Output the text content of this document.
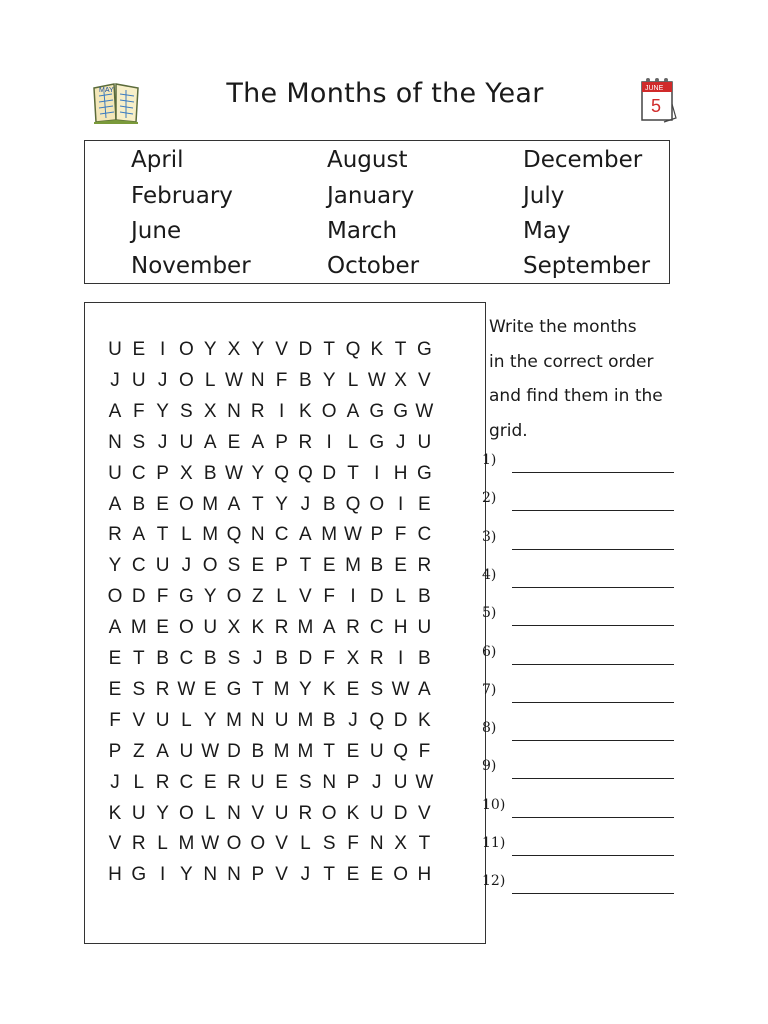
The Months of the Year
MAY	JUNE
5
April	August	December
February	January	July
June	March	May
November	October	September
U E I O Y X Y V D T Q K T G
J U J O L W N F B Y L W X V
A F Y S X N R I K O A G G W
N S J U A E A P R I L G J U
U C P X B W Y Q Q D T I H G
A B E O M A T Y J B Q O I E
R A T L M Q N C A M W P F C
Y C U J O S E P T E M B E R
O D F G Y O Z L V F I D L B
A M E O U X K R M A R C H U
E T B C B S J B D F X R I B
E S R W E G T M Y K E S W A
F V U L Y M N U M B J Q D K
P Z A U W D B M M T E U Q F
J L R C E R U E S N P J U W
K U Y O L N V U R O K U D V
V R L M W O O V L S F N X T
H G I Y N N P V J T E E O H
Write the months
in the correct order
and find them in the
grid.
1)
2)
3)
4)
5)
6)
7)
8)
9)
10)
11)
12)
